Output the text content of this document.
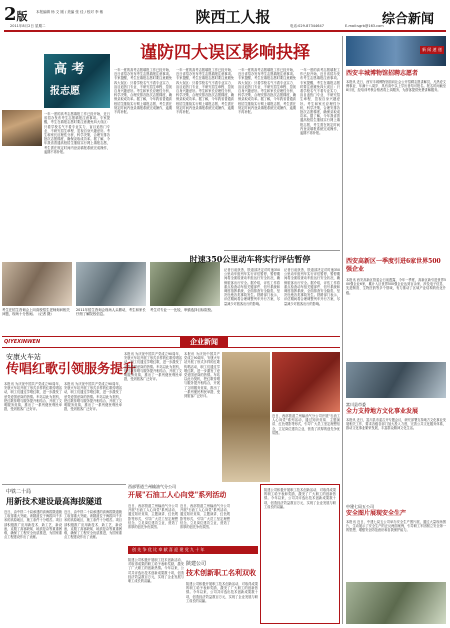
2版 本报编辑 杨 文 刚 / 美编 张 佳 / 校对 李 敏
2011年8月2日 星期二	陕西工人报	电话:029-87344647	E-mail:sgrb@163.com
综合新闻
高 考
报志愿
谨防四大误区影响抉择
一年一度的高考志愿填报工作已经开始，近日省招办发布考生志愿填报注意事项。专家提醒，考生在填报志愿时要注意避免四大误区：只看学校名气不看专业实力、盲目追热门专业、不研究招生章程、忽视自身兴趣爱好。考生和家长应理性分析，科学决策，合理安排各批次志愿梯度，确保录取成功率。据了解，今年我省普通高校招生继续实行网上填报志愿，考生需在规定时间内登录填报系统完成操作，逾期不再补报。
一年一度的高考志愿填报工作已经开始，近日省招办发布考生志愿填报注意事项。专家提醒，考生在填报志愿时要注意避免四大误区：只看学校名气不看专业实力、盲目追热门专业、不研究招生章程、忽视自身兴趣爱好。考生和家长应理性分析，科学决策，合理安排各批次志愿梯度，确保录取成功率。据了解，今年我省普通高校招生继续实行网上填报志愿，考生需在规定时间内登录填报系统完成操作，逾期不再补报。
一年一度的高考志愿填报工作已经开始，近日省招办发布考生志愿填报注意事项。专家提醒，考生在填报志愿时要注意避免四大误区：只看学校名气不看专业实力、盲目追热门专业、不研究招生章程、忽视自身兴趣爱好。考生和家长应理性分析，科学决策，合理安排各批次志愿梯度，确保录取成功率。据了解，今年我省普通高校招生继续实行网上填报志愿，考生需在规定时间内登录填报系统完成操作，逾期不再补报。
一年一度的高考志愿填报工作已经开始，近日省招办发布考生志愿填报注意事项。专家提醒，考生在填报志愿时要注意避免四大误区：只看学校名气不看专业实力、盲目追热门专业、不研究招生章程、忽视自身兴趣爱好。考生和家长应理性分析，科学决策，合理安排各批次志愿梯度，确保录取成功率。据了解，今年我省普通高校招生继续实行网上填报志愿，考生需在规定时间内登录填报系统完成操作，逾期不再补报。
一年一度的高考志愿填报工作已经开始，近日省招办发布考生志愿填报注意事项。专家提醒，考生在填报志愿时要注意避免四大误区：只看学校名气不看专业实力、盲目追热门专业、不研究招生章程、忽视自身兴趣爱好。考生和家长应理性分析，科学决策，合理安排各批次志愿梯度，确保录取成功率。据了解，今年我省普通高校招生继续实行网上填报志愿，考生需在规定时间内登录填报系统完成操作，逾期不再补报。
考生在招生咨询会上向高校招生老师询问相关问题，现场十分热闹。（记者 摄）
2011年招生咨询会现场人头攒动，考生和家长仔细了解院校信息。
考生对专业一一比较，审慎选择目标院校。
新 闻 速 递
西安丰城博物馆招聘志愿者
本报讯 近日，西安丰城博物馆面向社会公开招聘志愿讲解员，凡热爱文博事业、年满十八周岁、具有高中以上学历者均可报名。报名时间截至8月底，经培训考核合格者将上岗服务，为游客提供免费讲解服务。
西安高新区一季度引进6家世界500强企业
本报讯 西安高新区管委会日前透露，今年一季度，高新区新引进世界500强企业6家，累计入区世界500强企业达到百余家，涉及电子信息、先进制造、生物医药等多个领域，有力推动了区域产业结构的优化升级。
时速350公里动车将实行评估暂停
记者日前获悉，铁道部决定对时速350公里动车组列车实行评估暂停，暂停期间将全面检查动车组运行安全状况，确保旅客出行安全。据介绍，评估工作将重点检查动车组关键部件、信号系统和调度指挥系统，全面排查安全隐患，坚决杜绝各类事故发生。铁路部门表示，评估期间将合理调整列车开行方案，尽量减少对旅客出行的影响。
记者日前获悉，铁道部决定对时速350公里动车组列车实行评估暂停，暂停期间将全面检查动车组运行安全状况，确保旅客出行安全。据介绍，评估工作将重点检查动车组关键部件、信号系统和调度指挥系统，全面排查安全隐患，坚决杜绝各类事故发生。铁路部门表示，评估期间将合理调整列车开行方案，尽量减少对旅客出行的影响。
QIYEXINWEN	企业新闻
安康火车站
传唱红歌引领服务提升
本报讯 为庆祝中国共产党成立90周年，安康火车站开展了形式多样的红歌传唱活动，职工们通过学唱红歌，进一步激发了爱党爱国爱岗的热情。车站以此为契机，把红歌传唱与服务提升相结合，开展了文明服务竞赛，推出了一系列便民利民举措，受到旅客广泛好评。
本报讯 为庆祝中国共产党成立90周年，安康火车站开展了形式多样的红歌传唱活动，职工们通过学唱红歌，进一步激发了爱党爱国爱岗的热情。车站以此为契机，把红歌传唱与服务提升相结合，开展了文明服务竞赛，推出了一系列便民利民举措，受到旅客广泛好评。
本报讯 为庆祝中国共产党成立90周年，安康火车站开展了形式多样的红歌传唱活动，职工们通过学唱红歌，进一步激发了爱党爱国爱岗的热情。车站以此为契机，把红歌传唱与服务提升相结合，开展了文明服务竞赛，推出了一系列便民利民举措，受到旅客广泛好评。
本报讯 为庆祝中国共产党成立90周年，安康火车站开展了形式多样的红歌传唱活动，职工们通过学唱红歌，进一步激发了爱党爱国爱岗的热情。车站以此为契机，把红歌传唱与服务提升相结合，开展了文明服务竞赛，推出了一系列便民利民举措，受到旅客广泛好评。
中铁二十局
用新技术建设最高海拔隧道
近日，由中铁二十局承建的高海拔隧道施工取得重大突破。该隧道位于海拔四千多米的高原地区，施工条件十分艰苦。项目部积极推广应用新技术、新工艺、新设备，克服了高寒缺氧、地质复杂等重重困难，确保了工程安全优质推进，为国家重点工程建设作出了贡献。
近日，由中铁二十局承建的高海拔隧道施工取得重大突破。该隧道位于海拔四千多米的高原地区，施工条件十分艰苦。项目部积极推广应用新技术、新工艺、新设备，克服了高寒缺氧、地质复杂等重重困难，确保了工程安全优质推进，为国家重点工程建设作出了贡献。
西部管道兰州输油气分公司
开展"石油工人心向党"系列活动
近日，西部管道兰州输油气分公司开展"石油工人心向党"系列活动，通过知识竞赛、主题演讲、红色观影等形式，引导广大员工坚定理想信念，立足岗位建功立业，营造了浓厚的创先争优氛围。
近日，西部管道兰州输油气分公司开展"石油工人心向党"系列活动，通过知识竞赛、主题演讲、红色观影等形式，引导广大员工坚定理想信念，立足岗位建功立业，营造了浓厚的创先争优氛围。
创 先 争 优 比 奉 献 喜 迎 建 党 九 十 年
近日，西部管道兰州输油气分公司开展"石油工人心向党"系列活动，通过知识竞赛、主题演讲、红色观影等形式，引导广大员工坚定理想信念，立足岗位建功立业，营造了浓厚的创先争优氛围。
陕建公司
技术创新职工名利双收
陕建公司积极开展职工技术创新活动，对取得成果的职工给予表彰奖励，激发了广大职工的创新热情。今年以来，公司共评选出技术创新成果数十项，创造经济效益数百万元，实现了企业发展与职工成长的双赢。
陕建公司积极开展职工技术创新活动，对取得成果的职工给予表彰奖励，激发了广大职工的创新热情。今年以来，公司共评选出技术创新成果数十项，创造经济效益数百万元，实现了企业发展与职工成长的双赢。
陕建公司积极开展职工技术创新活动，对取得成果的职工给予表彰奖励，激发了广大职工的创新热情。今年以来，公司共评选出技术创新成果数十项，创造经济效益数百万元，实现了企业发展与职工成长的双赢。
富川县市委
全力支持地方文化事业发展
本报讯 近日，富川县市委召开专题会议，研究部署支持地方文化事业发展相关工作，要求各级各部门加大投入力度，完善公共文化服务体系，推动文化事业繁荣发展，丰富群众精神文化生活。
中建七局五公司
安全图片展现安全生产
本报讯 近日，中建七局五公司举办安全生产图片展，通过大量现场图片，生动展示了安全生产的正反两面案例，引导职工牢固树立安全第一的思想，增强安全防范意识和自我保护能力。
